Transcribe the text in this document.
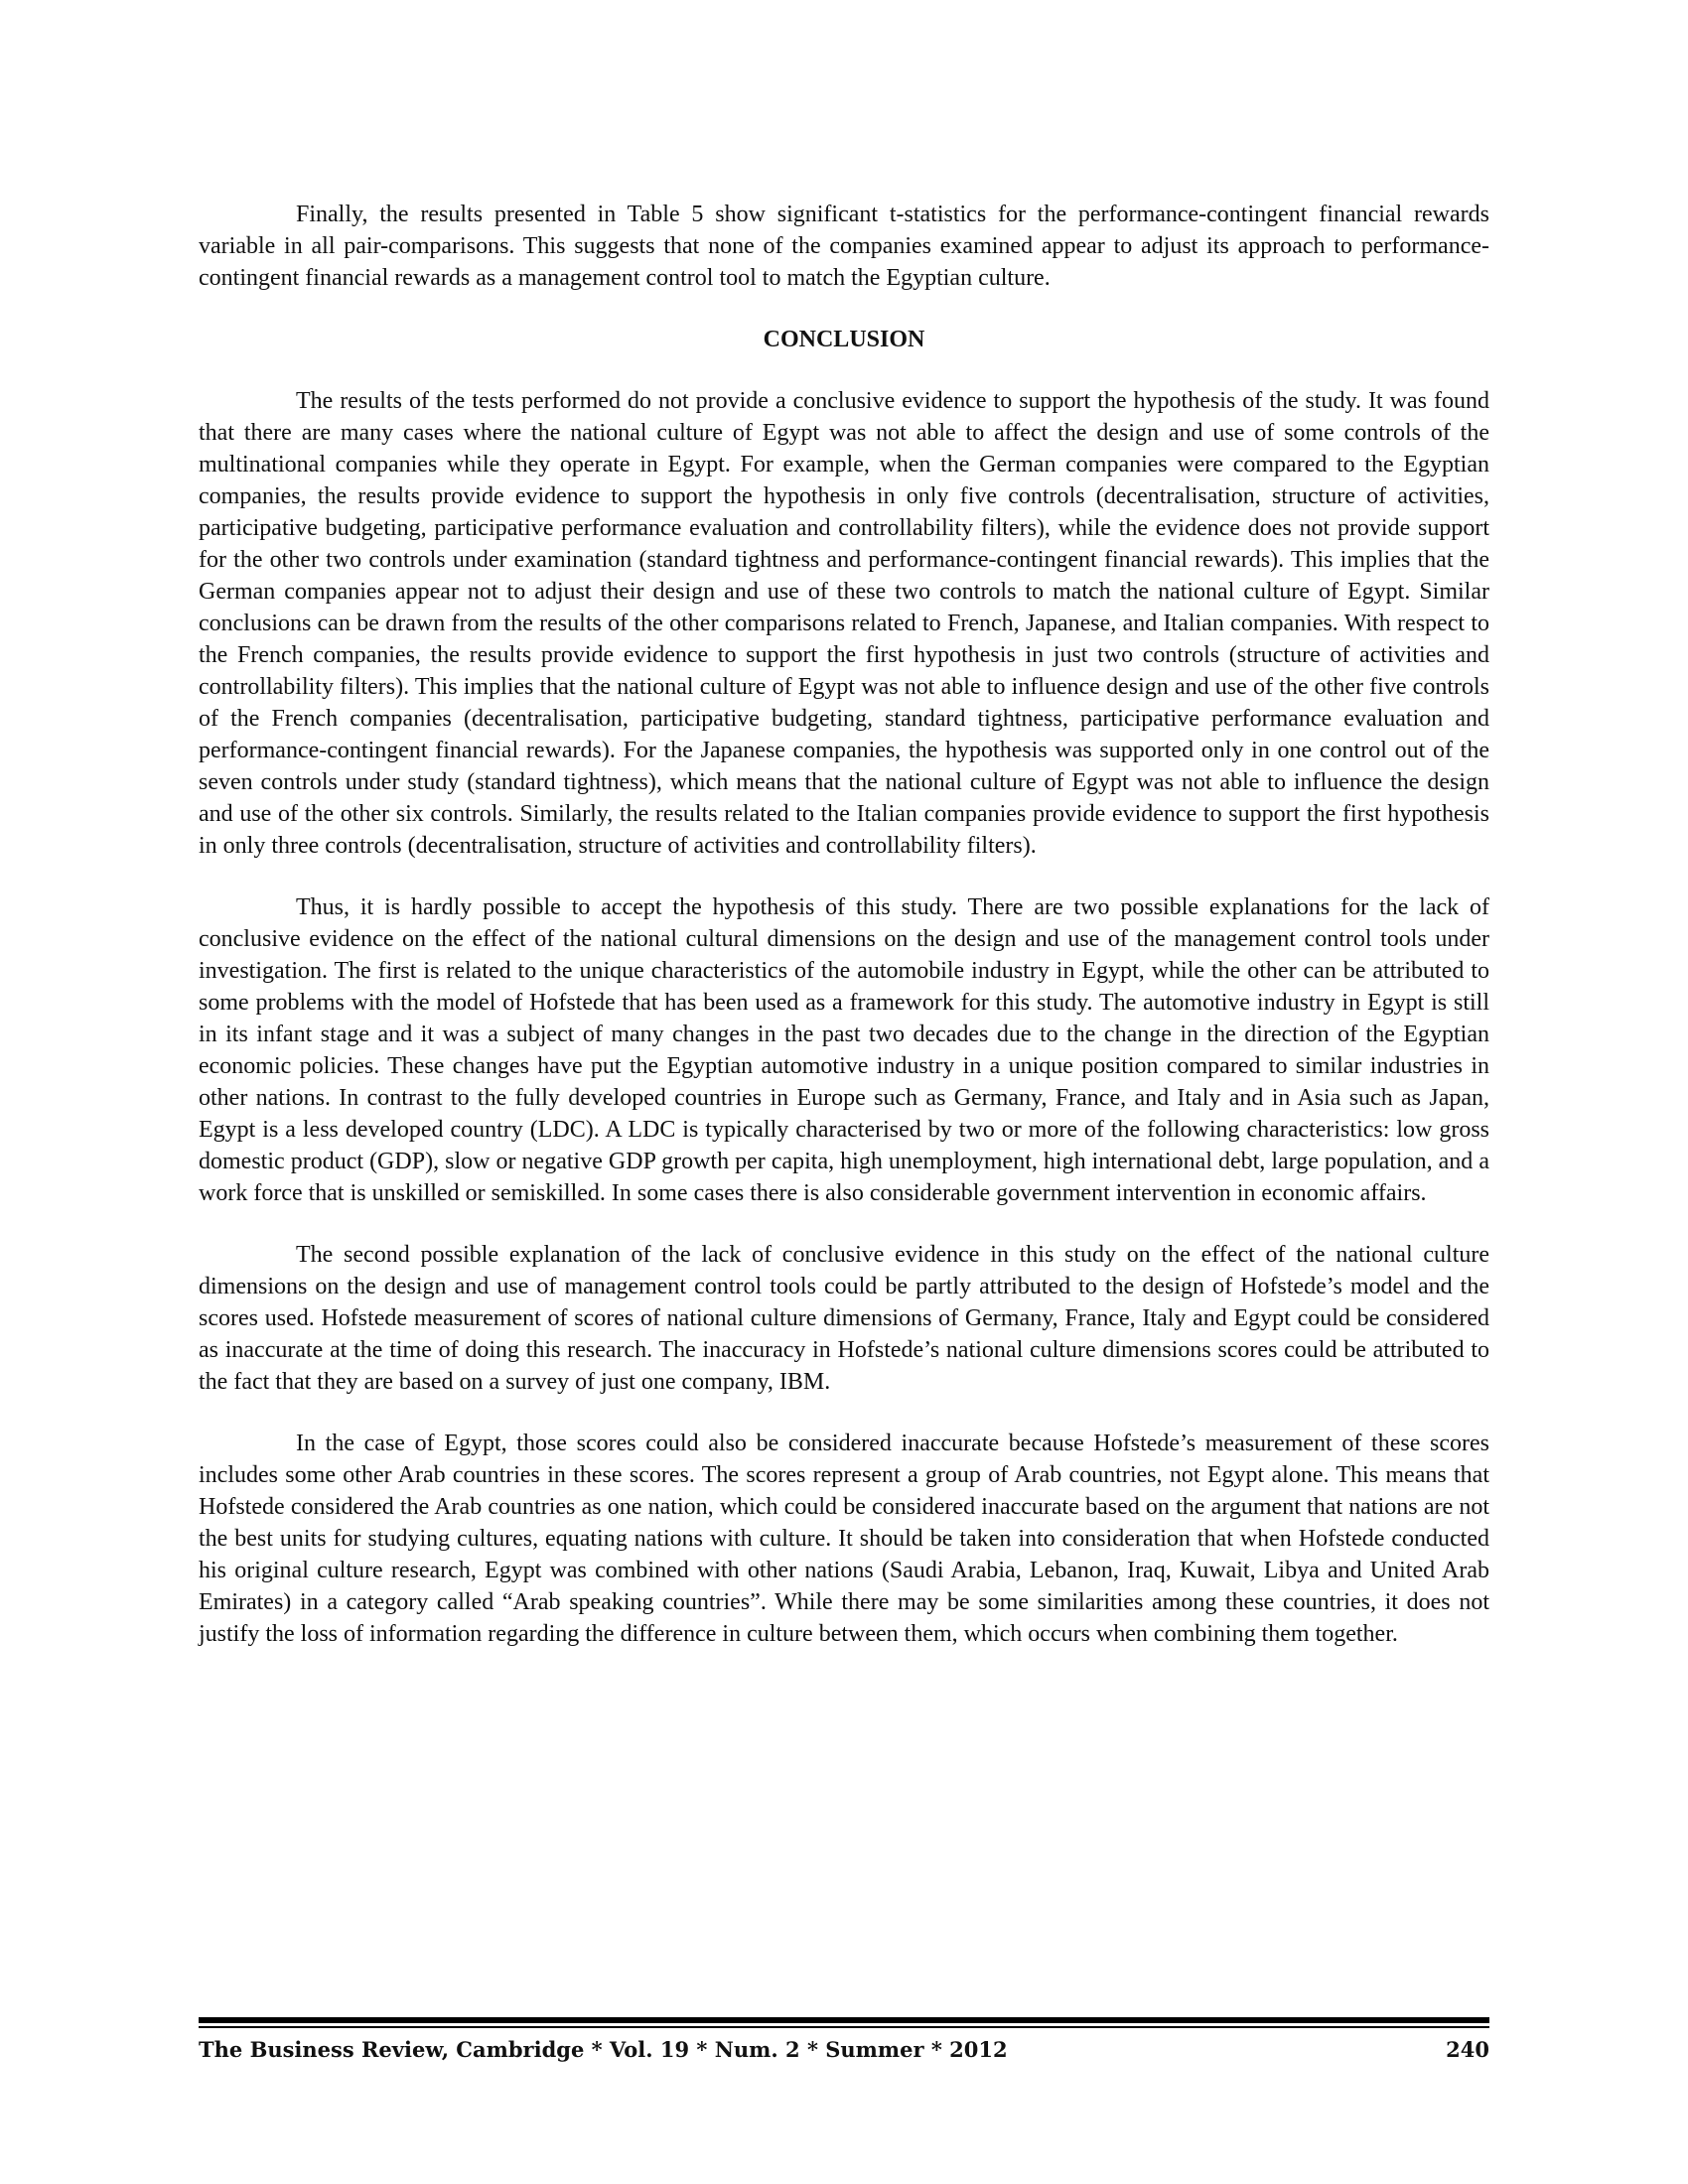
Finally, the results presented in Table 5 show significant t-statistics for the performance-contingent financial rewards variable in all pair-comparisons. This suggests that none of the companies examined appear to adjust its approach to performance-contingent financial rewards as a management control tool to match the Egyptian culture.

CONCLUSION

The results of the tests performed do not provide a conclusive evidence to support the hypothesis of the study. It was found that there are many cases where the national culture of Egypt was not able to affect the design and use of some controls of the multinational companies while they operate in Egypt. For example, when the German companies were compared to the Egyptian companies, the results provide evidence to support the hypothesis in only five controls (decentralisation, structure of activities, participative budgeting, participative performance evaluation and controllability filters), while the evidence does not provide support for the other two controls under examination (standard tightness and performance-contingent financial rewards). This implies that the German companies appear not to adjust their design and use of these two controls to match the national culture of Egypt. Similar conclusions can be drawn from the results of the other comparisons related to French, Japanese, and Italian companies. With respect to the French companies, the results provide evidence to support the first hypothesis in just two controls (structure of activities and controllability filters). This implies that the national culture of Egypt was not able to influence design and use of the other five controls of the French companies (decentralisation, participative budgeting, standard tightness, participative performance evaluation and performance-contingent financial rewards). For the Japanese companies, the hypothesis was supported only in one control out of the seven controls under study (standard tightness), which means that the national culture of Egypt was not able to influence the design and use of the other six controls. Similarly, the results related to the Italian companies provide evidence to support the first hypothesis in only three controls (decentralisation, structure of activities and controllability filters).

Thus, it is hardly possible to accept the hypothesis of this study. There are two possible explanations for the lack of conclusive evidence on the effect of the national cultural dimensions on the design and use of the management control tools under investigation. The first is related to the unique characteristics of the automobile industry in Egypt, while the other can be attributed to some problems with the model of Hofstede that has been used as a framework for this study. The automotive industry in Egypt is still in its infant stage and it was a subject of many changes in the past two decades due to the change in the direction of the Egyptian economic policies. These changes have put the Egyptian automotive industry in a unique position compared to similar industries in other nations. In contrast to the fully developed countries in Europe such as Germany, France, and Italy and in Asia such as Japan, Egypt is a less developed country (LDC). A LDC is typically characterised by two or more of the following characteristics: low gross domestic product (GDP), slow or negative GDP growth per capita, high unemployment, high international debt, large population, and a work force that is unskilled or semiskilled. In some cases there is also considerable government intervention in economic affairs.

The second possible explanation of the lack of conclusive evidence in this study on the effect of the national culture dimensions on the design and use of management control tools could be partly attributed to the design of Hofstede’s model and the scores used. Hofstede measurement of scores of national culture dimensions of Germany, France, Italy and Egypt could be considered as inaccurate at the time of doing this research. The inaccuracy in Hofstede’s national culture dimensions scores could be attributed to the fact that they are based on a survey of just one company, IBM.

In the case of Egypt, those scores could also be considered inaccurate because Hofstede’s measurement of these scores includes some other Arab countries in these scores. The scores represent a group of Arab countries, not Egypt alone. This means that Hofstede considered the Arab countries as one nation, which could be considered inaccurate based on the argument that nations are not the best units for studying cultures, equating nations with culture. It should be taken into consideration that when Hofstede conducted his original culture research, Egypt was combined with other nations (Saudi Arabia, Lebanon, Iraq, Kuwait, Libya and United Arab Emirates) in a category called “Arab speaking countries”. While there may be some similarities among these countries, it does not justify the loss of information regarding the difference in culture between them, which occurs when combining them together.

The Business Review, Cambridge * Vol. 19 * Num. 2 * Summer * 2012	240
